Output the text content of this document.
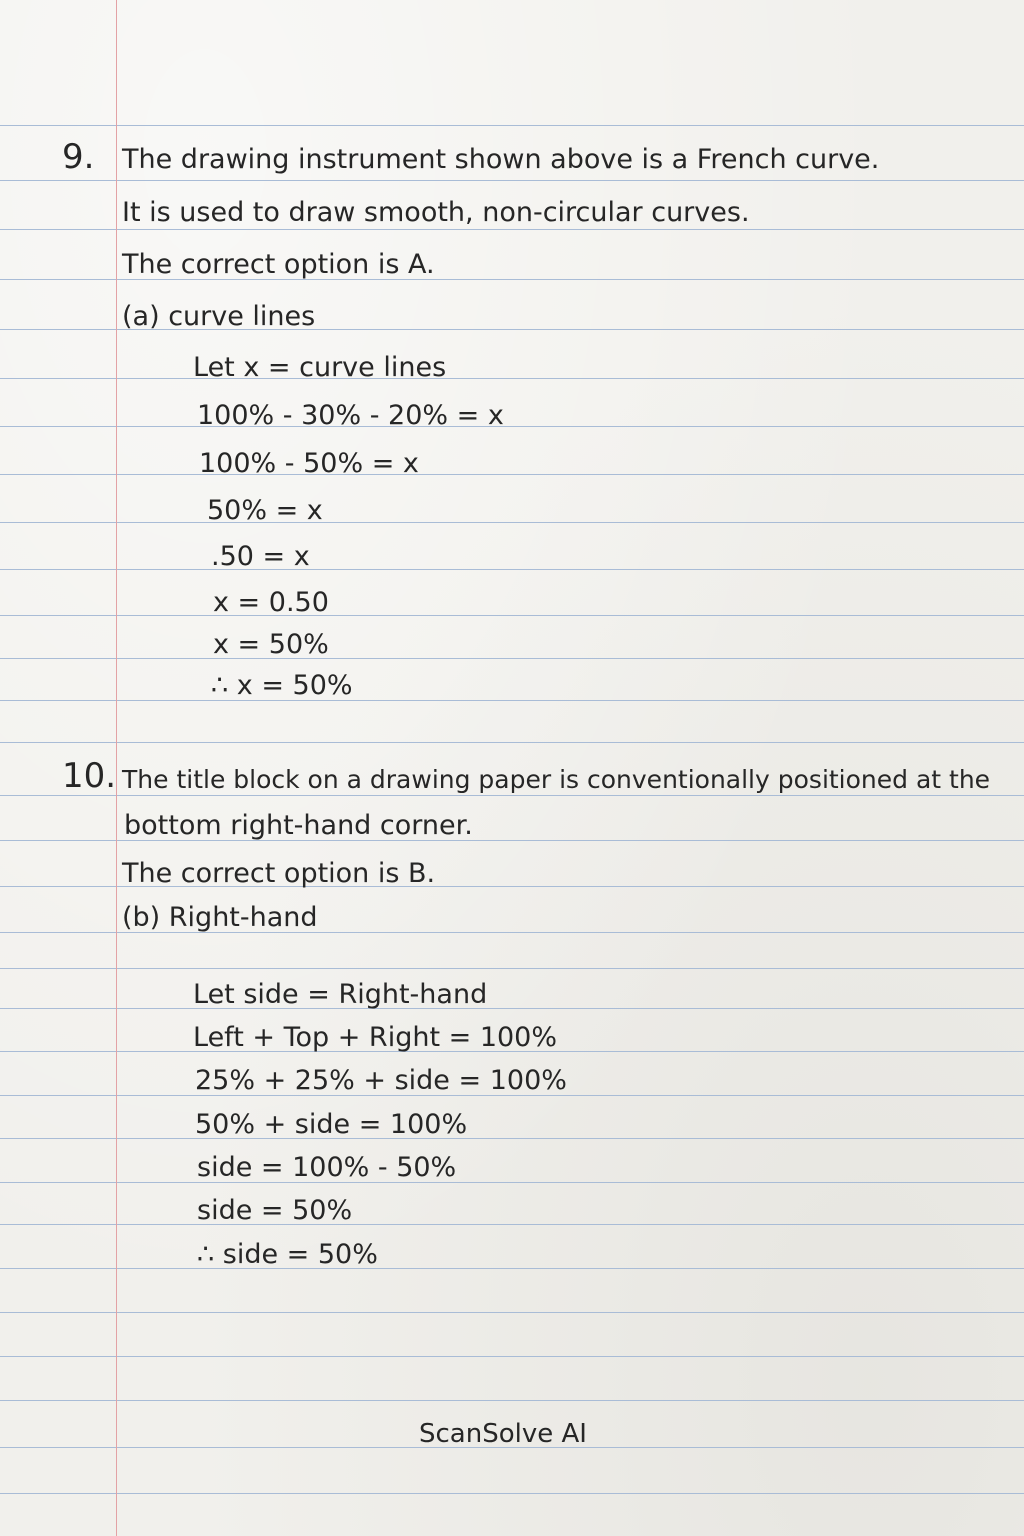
9. The drawing instrument shown above is a French curve.
It is used to draw smooth, non-circular curves.
The correct option is A.
(a) curve lines
Let x = curve lines
100% - 30% - 20% = x
100% - 50% = x
50% = x
.50 = x
x = 0.50
x = 50%
∴ x = 50%
10. The title block on a drawing paper is conventionally positioned at the
bottom right-hand corner.
The correct option is B.
(b) Right-hand
Let side = Right-hand
Left + Top + Right = 100%
25% + 25% + side = 100%
50% + side = 100%
side = 100% - 50%
side = 50%
∴ side = 50%
ScanSolve AI
